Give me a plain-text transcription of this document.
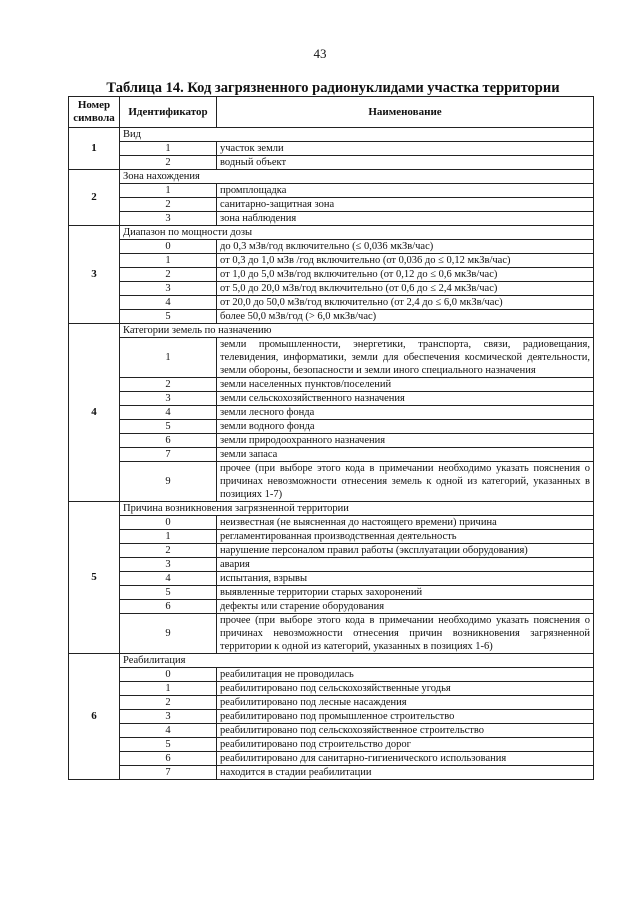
43
Таблица 14. Код загрязненного радионуклидами участка территории
Номер
символа	Идентификатор	Наименование
1	Вид	
	1	участок земли
	2	водный объект
2	Зона нахождения	
	1	промплощадка
	2	санитарно-защитная зона
	3	зона наблюдения
3	Диапазон по мощности дозы	
	0	до 0,3 мЗв/год включительно (≤ 0,036 мкЗв/час)
	1	от 0,3 до 1,0 мЗв /год включительно (от 0,036 до ≤ 0,12 мкЗв/час)
	2	от 1,0 до 5,0 мЗв/год включительно (от 0,12 до ≤ 0,6 мкЗв/час)
	3	от 5,0 до 20,0 мЗв/год включительно (от 0,6 до ≤ 2,4 мкЗв/час)
	4	от 20,0 до 50,0 мЗв/год включительно (от 2,4 до ≤ 6,0 мкЗв/час)
	5	более 50,0 мЗв/год (> 6,0 мкЗв/час)
4	Категории земель по назначению	
	1	земли промышленности, энергетики, транспорта, связи, радиовещания, телевидения, информатики, земли для обеспечения космической деятельности, земли обороны, безопасности и земли иного специального назначения
	2	земли населенных пунктов/поселений
	3	земли сельскохозяйственного назначения
	4	земли лесного фонда
	5	земли водного фонда
	6	земли природоохранного назначения
	7	земли запаса
	9	прочее (при выборе этого кода в примечании необходимо указать пояснения о причинах невозможности отнесения земель к одной из категорий, указанных в позициях 1-7)
5	Причина возникновения загрязненной территории	
	0	неизвестная (не выясненная до настоящего времени) причина
	1	регламентированная производственная деятельность
	2	нарушение персоналом правил работы (эксплуатации оборудования)
	3	авария
	4	испытания, взрывы
	5	выявленные территории старых захоронений
	6	дефекты или старение оборудования
	9	прочее (при выборе этого кода в примечании необходимо указать пояснения о причинах невозможности отнесения причин возникновения загрязненной территории к одной из категорий, указанных в позициях 1-6)
6	Реабилитация	
	0	реабилитация не проводилась
	1	реабилитировано под сельскохозяйственные угодья
	2	реабилитировано под лесные насаждения
	3	реабилитировано под промышленное строительство
	4	реабилитировано под сельскохозяйственное строительство
	5	реабилитировано под строительство дорог
	6	реабилитировано для санитарно-гигиенического использования
	7	находится в стадии реабилитации
